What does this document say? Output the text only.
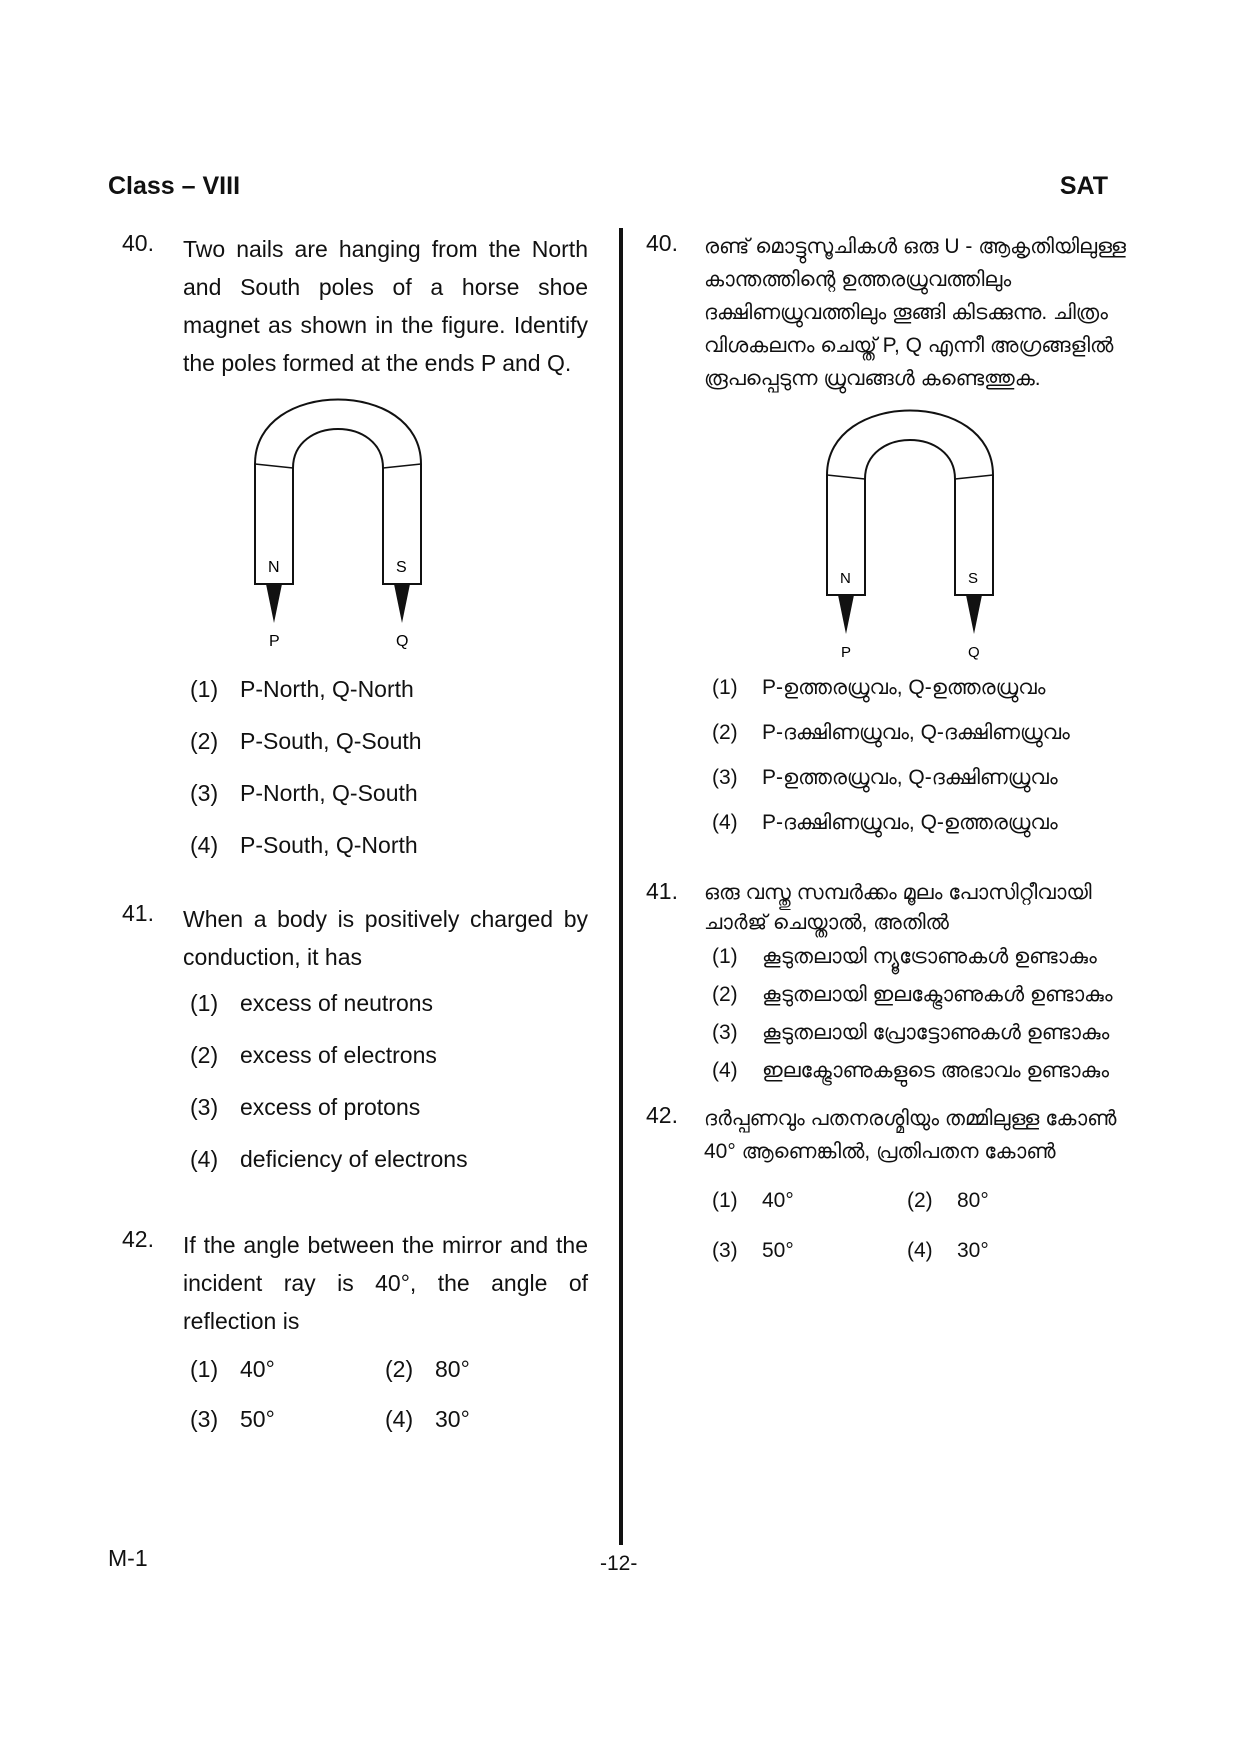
Class – VIII	SAT
40. Two nails are hanging from the North and South poles of a horse shoe magnet as shown in the figure. Identify the poles formed at the ends P and Q.
N	S
P	Q
(1) P-North, Q-North
(2) P-South, Q-South
(3) P-North, Q-South
(4) P-South, Q-North
41. When a body is positively charged by conduction, it has
(1) excess of neutrons
(2) excess of electrons
(3) excess of protons
(4) deficiency of electrons
42. If the angle between the mirror and the incident ray is 40°, the angle of reflection is
(1) 40°	(2) 80°
(3) 50°	(4) 30°
40. രണ്ട് മൊട്ടുസൂചികൾ ഒരു U - ആകൃതിയിലുള്ള കാന്തത്തിന്റെ ഉത്തരധ്രുവത്തിലും ദക്ഷിണധ്രുവത്തിലും തൂങ്ങി കിടക്കുന്നു. ചിത്രം വിശകലനം ചെയ്ത് P, Q എന്നീ അഗ്രങ്ങളിൽ രൂപപ്പെടുന്ന ധ്രുവങ്ങൾ കണ്ടെത്തുക.
N	S
P	Q
(1)	P-ഉത്തരധ്രുവം, Q-ഉത്തരധ്രുവം
(2)	P-ദക്ഷിണധ്രുവം, Q-ദക്ഷിണധ്രുവം
(3)	P-ഉത്തരധ്രുവം, Q-ദക്ഷിണധ്രുവം
(4)	P-ദക്ഷിണധ്രുവം, Q-ഉത്തരധ്രുവം
41. ഒരു വസ്തു സമ്പർക്കം മൂലം പോസിറ്റീവായി ചാർജ് ചെയ്താൽ, അതിൽ
(1)	കൂടുതലായി ന്യൂട്രോണുകൾ ഉണ്ടാകും
(2)	കൂടുതലായി ഇലക്ട്രോണുകൾ ഉണ്ടാകും
(3)	കൂടുതലായി പ്രോട്ടോണുകൾ ഉണ്ടാകും
(4)	ഇലക്ട്രോണുകളുടെ അഭാവം ഉണ്ടാകും
42. ദർപ്പണവും പതനരശ്മിയും തമ്മിലുള്ള കോൺ 40° ആണെങ്കിൽ, പ്രതിപതന കോൺ
(1)	40°	(2)	80°
(3)	50°	(4)	30°
M-1	-12-
